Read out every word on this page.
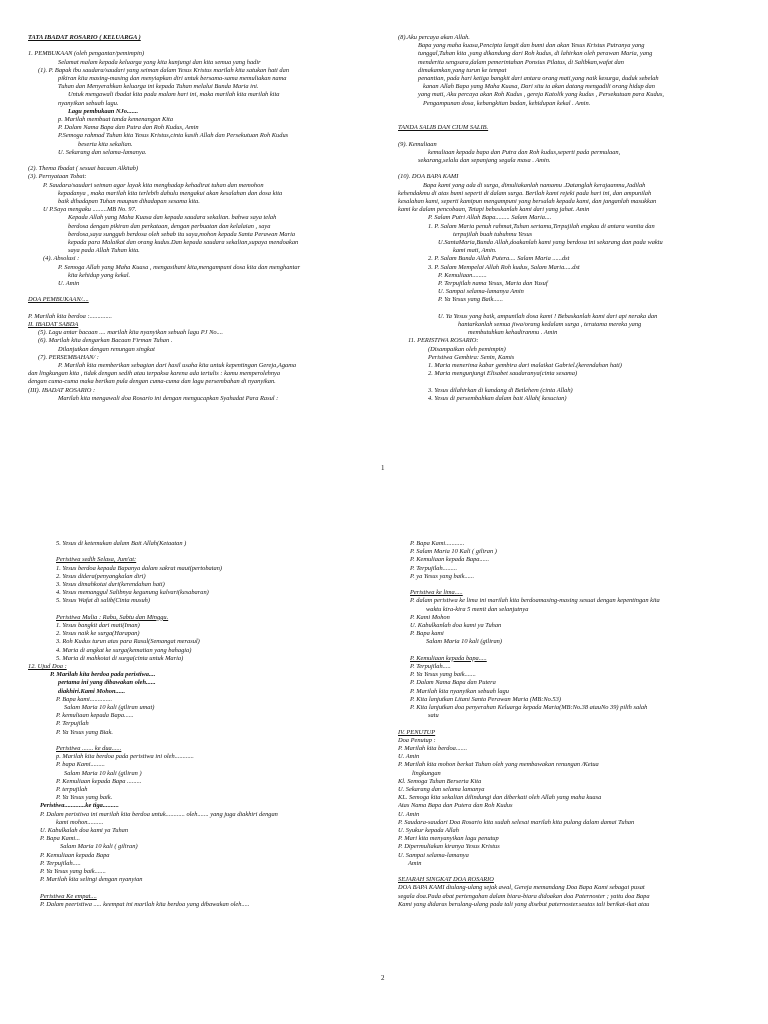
TATA IBADAT ROSARIO ( KELUARGA )
1. PEMBUKAAN (oleh pengantar/pemimpin)
Selamat malam kepada keluarga yang kita kunjungi dan kita semua yang hadir
(1). P. Bapak ibu saudara/saudari yang seiman dalam Yesus Kristus marilah kita satukan hati dan
pikiran kita masing-masing dan menyiapkan diri untuk bersama-sama memuliakan nama
Tuhan dan Menyerahkan keluarga ini kepada Tuhan melalui Bunda Maria ini.
Untuk mengawali ibadat kita pada malam hari ini, maka marilah kita marilah kita
nyanyikan sebuah lagu.
Lagu pembukaan NJo.......
p. Marilah membuat tanda kemenangan Kita
P. Dalam Nama Bapa dan Putra dan Roh Kudus, Amin
P.Semoga rahmad Tuhan kita Yesus Kristus,cinta kasih Allah dan Persekutuan Roh Kudus
beserta kita sekalian.
U. Sekarang dan selama-lamanya.
(2). Thema Ibadat ( sesuai bacaan Alkitab)
(3). Pernyataan Tobat:
P. Saudara/saudari seiman agar layak kita menghadap kehadirat tuhan dan memohon
kepadanya , maka marilah kita terlebih dahulu mengakui akan kesalahan dan dosa kita
baik dihadapan Tuhan maupun dihadapan sesama kita.
U P.Saya mengaku .........MB No. 97.
Kepada Allah yang Maha Kuasa dan kepada saudara sekalian. bahwa saya telah
berdosa dengan pikiran dan perkataan, dengan perbuatan dan kelalaian , saya
berdosa,saya sungguh berdosa oleh sebab itu saya,mohon kepada Santa Perawan Maria
kepada para Malaikat dan orang kudus.Dan kepada saudara sekalian,supaya mendoakan
saya pada Allah Tuhan kita.
(4). Absolusi :
P. Semoga Allah yang Maha Kuasa , mengasihani kita,mengampuni dosa kita dan menghantar
kita kehidup yang kekal.
U. Amin
DOA PEMBUKAAN/....
P. Marilah kita berdoa :..............
II. IBADAT SABDA
(5). Lagu antar bacaan .... marilah kita nyanyikan sebuah lagu PJ No....
(6). Marilah kita dengarkan Bacaan Firman Tuhan .
Dilanjutkan dengan renungan singkat
(7). PERSEMBAHAN/ :
P. Marilah kita memberikan sebagian dari hasil usaha kita untuk kepentingan Gereja,Agama
dan lingkungan kita , tidak dengan sedih atau terpaksa karena ada tertulis : kamu memperolehnya
dengan cuma-cuma maka berikan pula dengan cuma-cuma dan lagu persembahan di nyanyikan.
(III). IBADAT ROSARIO :
Marilah kita mengawali doa Rosario ini dengan mengucapkan Syahadat Para Rasul :
(8).Aku percaya akan Allah.
Bapa yang maha kuasa,Pencipta langit dan bumi dan akan Yesus Kristus Putranya yang
tunggal,Tuhan kita ,yang dikandung dari Roh kudus, di lahirkan oleh perawan Maria, yang
menderita sengsara,dalam pemerintahan Ponsius Pilatus, di Salibkan,wafat dan
dimakamkan,yang turun ke tempat
penantian, pada hari ketiga bangkit dari antara orang mati,yang naik kesurga, duduk sebelah
kanan Allah Bapa yang Maha Kuasa, Dari situ ia akan datang mengadili orang hidup dan
yang mati, Aku percaya akan Roh Kudus , gereja Katolik yang kudus , Persekutuan para Kudus,
Pengampunan dosa, kebangkitan badan, kehidupan kekal . Amin.
TANDA SALIB DAN CIUM SALIB.
(9). Kemuliaan
kemuliaan kepada bapa dan Putra dan Roh kudus,seperti pada permulaan,
sekarang,selalu dan sepanjang segala masa . Amin.
(10). DOA BAPA KAMI
Bapa kami yang ada di surga, dimuliakanlah namamu .Datanglah kerajaanmu,Jadilah
kehendakmu di atas bumi seperti di dalam surga. Berilah kami rejeki pada hari ini, dan ampunilah
kesalahan kami, seperti kamipun mengampuni yang bersalah kepada kami, dan janganlah masukkan
kami ke dalam pencobaan, Tetapi bebaskanlah kami dari yang jahat. Amin
P. Salam Putri Allah Bapa......... Salam Maria....
1. P. Salam Maria penuh rahmat,Tuhan sertamu,Terpujilah engkau di antara wanita dan
terpujilah buah tubuhmu Yesus
U.SantaMaria,Bunda Allah,doakanlah kami yang berdosa ini sekarang dan pada waktu
kami mati, Amin.
2. P. Salam Bunda Allah Putera.... Salam Maria ......dst
3. P. Salam Mempelai Allah Roh kudus, Salam Maria.....dst
P. Kemuliaan.........
P. Terpujilah nama Yesus, Maria dan Yusuf
U. Sampai selama-lamanya Amin
P. Ya Yesus yang Baik......
U. Ya Yesus yang baik, ampunilah dosa kami ! Bebaskanlah kami dari api neraka dan
hantarkanlah semua jiwa/orang kedalam surga , terutama mereka yang
membutuhkan kehadiranmu . Amin
11. PERISTIWA ROSARIO:
(Disampaikan oleh pemimpin)
Peristiwa Gembira: Senin, Kamis
1. Maria menerima kabar gembira dari malaikat Gabriel.(kerendahan hati)
2. Maria mengunjungi Elisabet saudaranya(cinta sesama)
3. Yesus dilahirkan di kandang di Betlehem (cinta Allah)
4. Yesus di persembahkan dalam bait Allah( kesucian)
1
5. Yesus di ketemukan dalam Bait Allah(Ketaatan )
Peristiwa sedih Selasa, Jum'at:
1. Yesus berdoa kepada Bapanya dalam sakrat maut(pertobatan)
2. Yesus didera(penyangkalan diri)
3. Yesus dimahkotai duri(kerendahan hati)
4. Yesus memanggul Salibnya kegunung kalvari(kesabaran)
5. Yesus Wafat di salib(Cinta musuh)
Peristiwa Mulia : Rabu, Sabtu dan Minggu.
1. Yesus bangkit dari mati(Iman)
2. Yesus naik ke surga(Harapan)
3. Roh Kudus turun atas para Rasul(Semangat merasul)
4. Maria di angkat ke surga(kematian yang bahagia)
5. Maria di mahkotai di surga(cinta untuk Maria)
12. Ujud Doa :
P. Marilah kita berdoa pada peristiwa....
pertama ini yang dibawakan oleh......
diakhiri.Kami Mohon......
P. Bapa kami..............
Salam Maria 10 kali (giliran umat)
P. kemuliaan kepada Bapa......
P. Terpujilah
P. Ya Yesus yang Biak.
Peristiwa ....... ke dua......
p. Marilah kita berdoa pada peristiwa ini oleh............
P. bapa Kami.........
Salam Maria 10 kali (giliran )
P. Kemuliaan kepada Bapa .........
P. terpujilah
P. Ya Yesus yang baik.
Peristiwa.............ke tiga..........
P. Dalam peristiwa ini marilah kita berdoa untuk............ oleh....... yang juga diakhiri dengan
kami mohon..........
U. Kabulkalah doa kami ya Tuhan
P. Bapa Kami...
Salam Maria 10 kali ( giliran)
P. Kemuliaan kepada Bapa
P. Terpujilah.....
P. Ya Yesus yang baik.......
P. Marilah kita selingi dengan nyanyian
Peristiwa Ke empat....
P. Dalam peeristiwa ..... keempat ini marilah kita berdoa yang dibawakan oleh.....
P. Bapa Kami............
P. Salam Maria 10 Kali ( giliran )
P. Kemuliaan kepada Bapa......
P. Terpujilah.........
P. ya Yesus yang baik......
Peristiwa ke lima.....
P. dalam peristiwa ke lima ini marilah kita berdoamasing-masing sesuai dengan kepentingan kita
waktu kira-kira 5 menit dan selanjutnya
P. Kami Mohon
U. Kabulkanlah doa kami ya Tuhan
P. Bapa kami
Salam Maria 10 kali (giliran)
P. Kemuliaan kepada bapa.....
P. Terpujilah.....
P. Ya Yesus yang baik.......
P. Dalam Nama Bapa dan Putera
P. Marilah kita nyanyikan sebuah lagu
P. Kita lanjutkan Litani Santa Perawan Maria (MB:No.53)
P. Kita lanjutkan doa penyerahan Keluarga kepada Maria(MB:No.38 atauNo 39) pilih salah
satu
IV. PENUTUP
Doa Penutup :
P. Marilah kita berdoa.......
U. Amin
P. Marilah kita mohon berkat Tuhan oleh yang membawakan renungan /Ketua
lingkungan
Kl. Semoga Tuhan Berserta Kita
U. Sekarang dan selama lamanya
KL. Semoga kita sekalian dilindungi dan diberkati oleh Allah yang maha kuasa
Atas Nama Bapa dan Putera dan Roh Kudus
U. Amin
P. Saudara-saudari Doa Rosario kita sudah selesai marilah kita pulang dalam damai Tuhan
U. Syukur kepada Allah
P. Mari kita menyanyikan lagu penutup
P. Dipermuliakan kiranya Yesus Kristus
U. Sampai selama-lamanya
Amin
SEJARAH SINGKAT DOA ROSARIO
DOA BAPA KAMI diulang-ulang sejak awal, Gereja memandang Doa Bapa Kami sebagai pusat
segala doa.Pada abat pertengahan dalam biara-biara didoakan doa Paternoster ; yaitu doa Bapa
Kami yang didaras berulang-ulang pada tali yang disebut paternoster.seutas tali berikat-ikat atau
2
